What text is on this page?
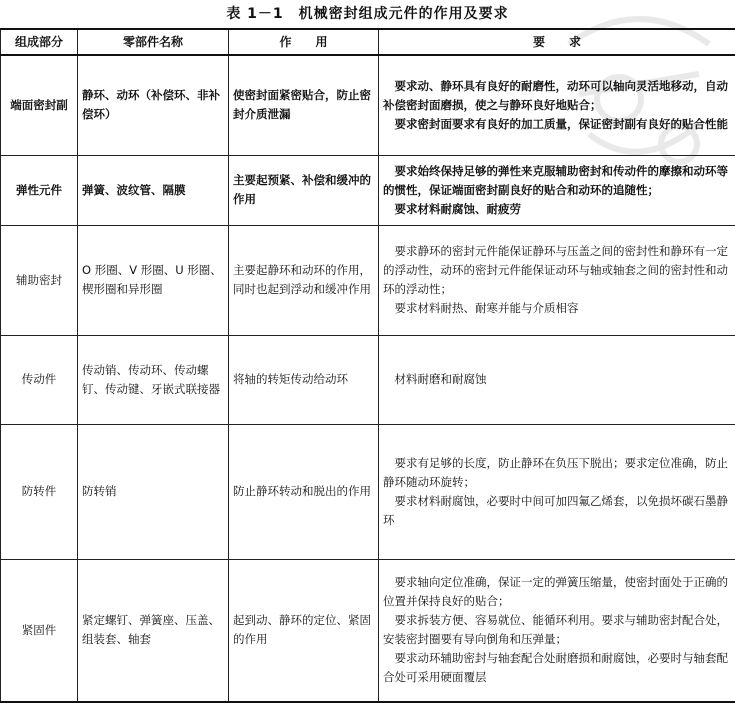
表 1－1　机械密封组成元件的作用及要求
组成部分	零部件名称	作　　用	要　　求
端面密封副	静环、动环（补偿环、非补偿环）	使密封面紧密贴合，防止密封介质泄漏	　要求动、静环具有良好的耐磨性，动环可以轴向灵活地移动，自动补偿密封面磨损，使之与静环良好地贴合；
　要求密封面要求有良好的加工质量，保证密封副有良好的贴合性能

弹性元件	弹簧、波纹管、隔膜	主要起预紧、补偿和缓冲的作用	　要求始终保持足够的弹性来克服辅助密封和传动件的摩擦和动环等的惯性，保证端面密封副良好的贴合和动环的追随性；
　要求材料耐腐蚀、耐疲劳

辅助密封	O 形圈、V 形圈、U 形圈、楔形圈和异形圈	主要起静环和动环的作用，同时也起到浮动和缓冲作用	　要求静环的密封元件能保证静环与压盖之间的密封性和静环有一定的浮动性，动环的密封元件能保证动环与轴或轴套之间的密封性和动环的浮动性；
　要求材料耐热、耐寒并能与介质相容

传动件	传动销、传动环、传动螺钉、传动键、牙嵌式联接器	将轴的转矩传动给动环	　材料耐磨和耐腐蚀

防转件	防转销	防止静环转动和脱出的作用	　要求有足够的长度，防止静环在负压下脱出；要求定位准确，防止静环随动环旋转；
　要求材料耐腐蚀，必要时中间可加四氟乙烯套，以免损坏碳石墨静环

紧固件	紧定螺钉、弹簧座、压盖、组装套、轴套	起到动、静环的定位、紧固的作用	　要求轴向定位准确，保证一定的弹簧压缩量，使密封面处于正确的位置并保持良好的贴合；
　要求拆装方便、容易就位、能循环利用。要求与辅助密封配合处，安装密封圈要有导向倒角和压弹量；
　要求动环辅助密封与轴套配合处耐磨损和耐腐蚀，必要时与轴套配合处可采用硬面覆层
